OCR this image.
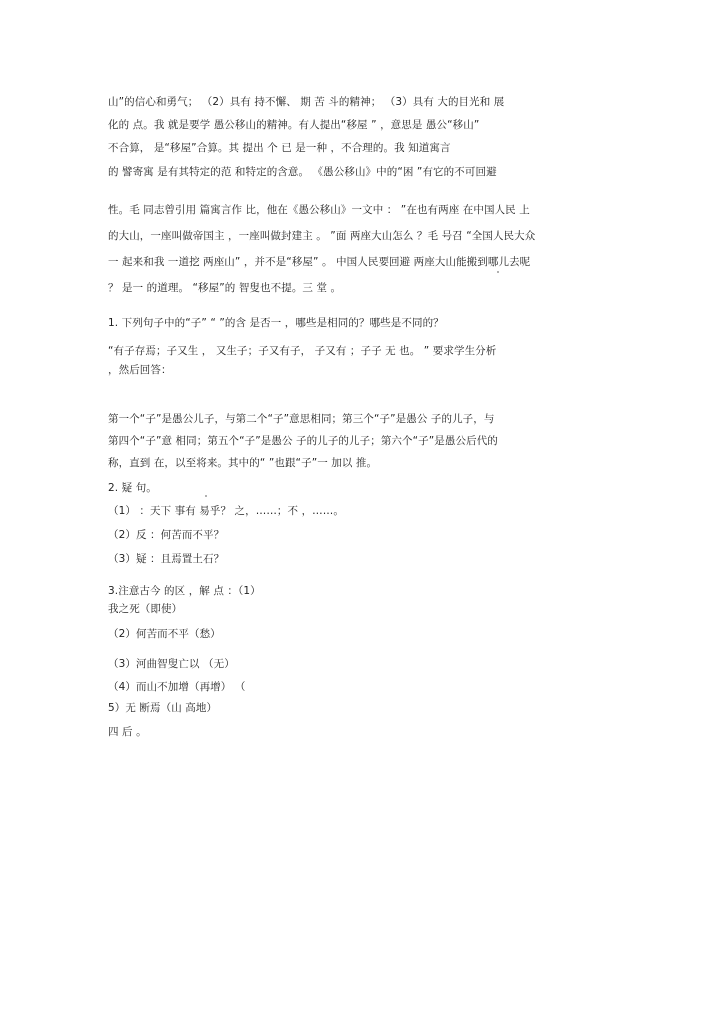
山”的信心和勇气； （2）具有 持不懈、 期 苦 斗的精神； （3）具有 大的目光和 展
化的 点。我 就是要学 愚公移山的精神。有人提出“移屋 ” ，意思是 愚公“移山”
不合算， 是“移屋”合算。其 提出 个 已 是一种 ，不合理的。我 知道寓言
的 譬寄寓 是有其特定的范 和特定的含意。 《愚公移山》中的“困 ”有它的不可回避
性。毛 同志曾引用 篇寓言作 比，他在《愚公移山》一文中 ： ”在也有两座 在中国人民 上
的大山，一座叫做帝国主 ，一座叫做封建主 。 ”面 两座大山怎么 ？毛 号召 “全国人民大众
一 起来和我 一道挖 两座山” ，并不是“移屋” 。 中国人民要回避 两座大山能搬到哪儿去呢
？ 是一 的道理。 “移屋”的 智叟也不提。三 堂 。
1. 下列句子中的“子” “ ”的含 是否一 ，哪些是相同的？哪些是不同的？
“有子存焉；子又生 ， 又生子；子又有子， 子又有 ；子子 无 也。 ” 要求学生分析
，然后回答：
第一个“子”是愚公儿子，与第二个“子”意思相同；第三个“子”是愚公 子的儿子，与
第四个“子”意 相同；第五个“子”是愚公 子的儿子的儿子；第六个“子”是愚公后代的
称，直到 在，以至将来。其中的“ ”也跟“子”一 加以 推。
2. 疑 句。
（1） ：天下 事有 易乎？ 之，……；不 ，……。
（2）反 ：何苦而不平？
（3）疑 ：且焉置土石？
3.注意古今 的区 ，解 点 ：（1）
我之死（即使）
（2）何苦而不平（愁）
（3）河曲智叟亡以 （无）
（4）而山不加增（再增） （
5）无 断焉（山 高地）
四 后 。
